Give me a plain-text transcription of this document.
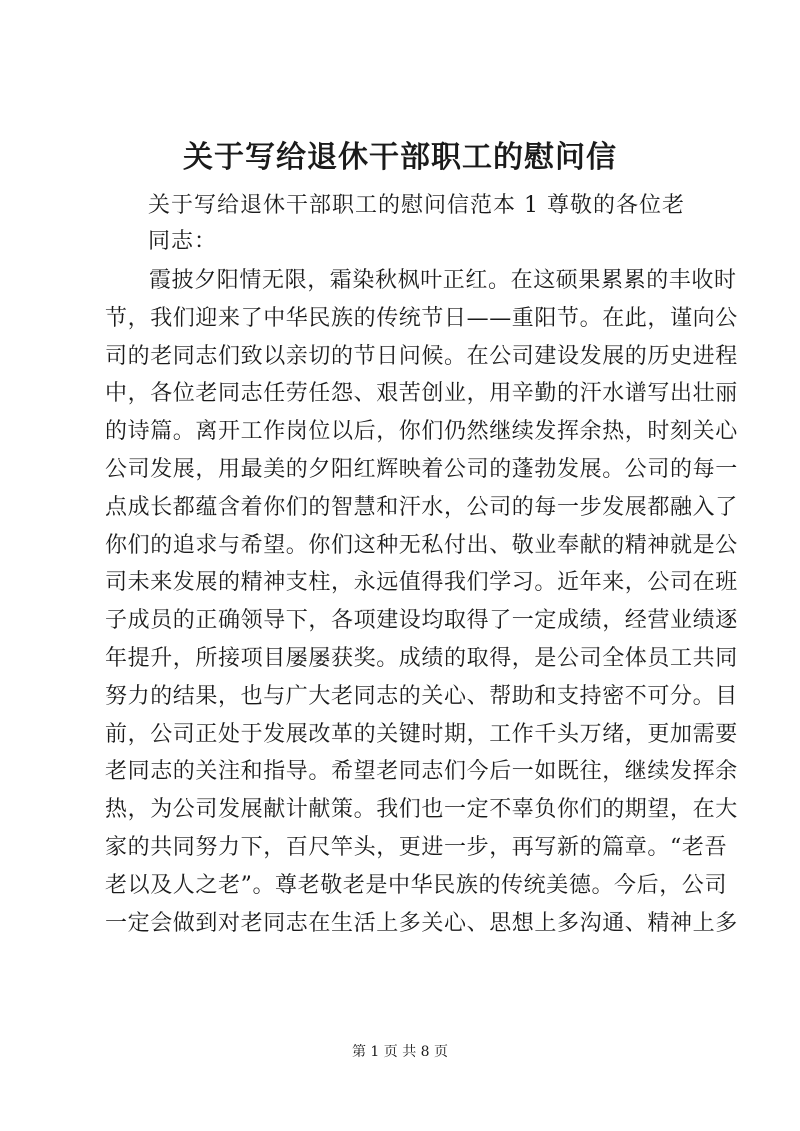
关于写给退休干部职工的慰问信
关于写给退休干部职工的慰问信范本 1 尊敬的各位老
同志：
霞披夕阳情无限，霜染秋枫叶正红。在这硕果累累的丰收时
节，我们迎来了中华民族的传统节日——重阳节。在此，谨向公
司的老同志们致以亲切的节日问候。在公司建设发展的历史进程
中，各位老同志任劳任怨、艰苦创业，用辛勤的汗水谱写出壮丽
的诗篇。离开工作岗位以后，你们仍然继续发挥余热，时刻关心
公司发展，用最美的夕阳红辉映着公司的蓬勃发展。公司的每一
点成长都蕴含着你们的智慧和汗水，公司的每一步发展都融入了
你们的追求与希望。你们这种无私付出、敬业奉献的精神就是公
司未来发展的精神支柱，永远值得我们学习。近年来，公司在班
子成员的正确领导下，各项建设均取得了一定成绩，经营业绩逐
年提升，所接项目屡屡获奖。成绩的取得，是公司全体员工共同
努力的结果，也与广大老同志的关心、帮助和支持密不可分。目
前，公司正处于发展改革的关键时期，工作千头万绪，更加需要
老同志的关注和指导。希望老同志们今后一如既往，继续发挥余
热，为公司发展献计献策。我们也一定不辜负你们的期望，在大
家的共同努力下，百尺竿头，更进一步，再写新的篇章。“老吾
老以及人之老”。尊老敬老是中华民族的传统美德。今后，公司
一定会做到对老同志在生活上多关心、思想上多沟通、精神上多
第 1 页 共 8 页
